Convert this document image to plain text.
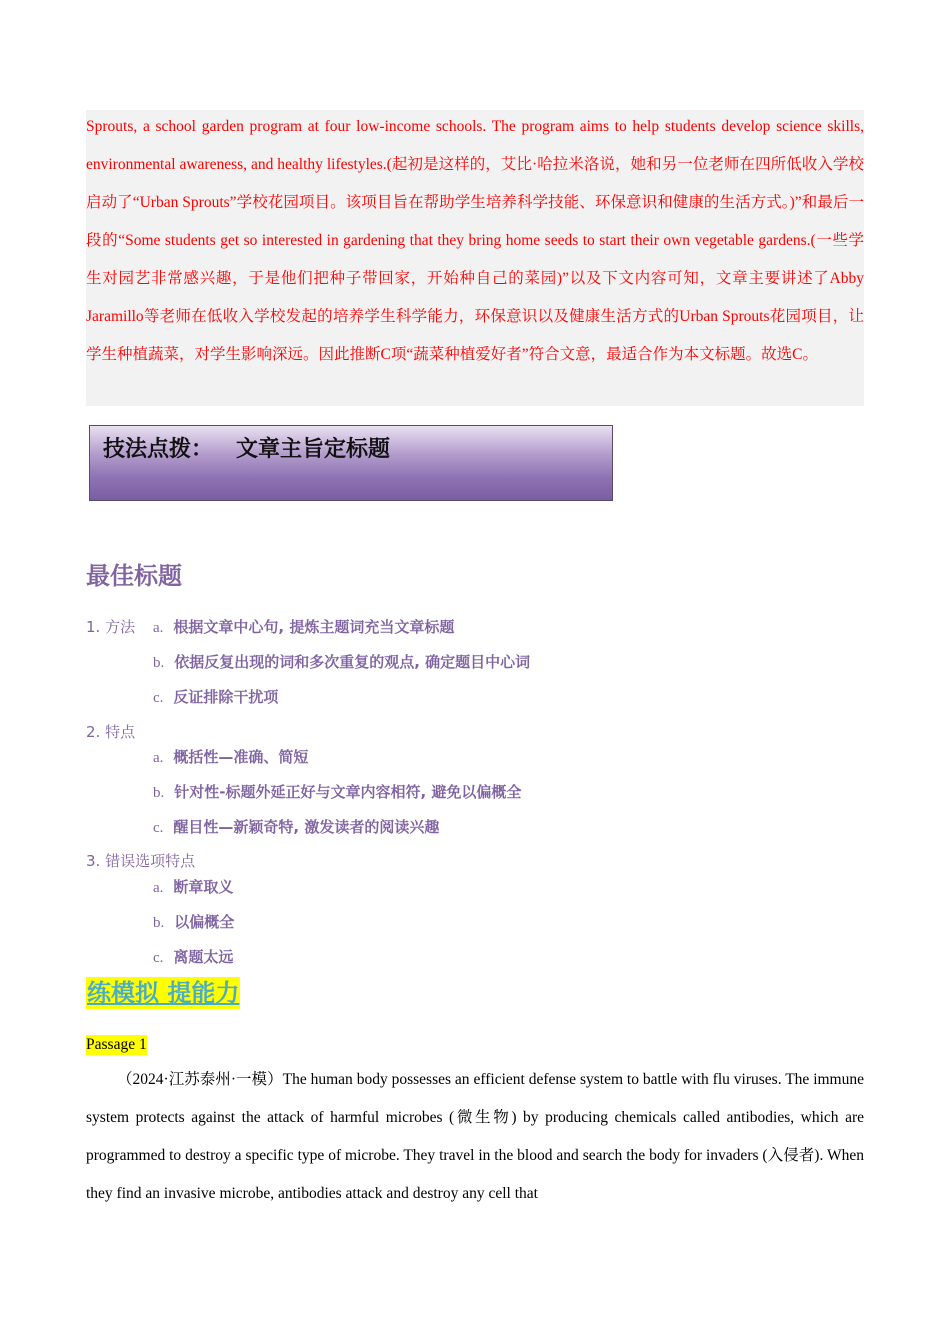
Sprouts, a school garden program at four low-income schools. The program aims to help students develop science skills, environmental awareness, and healthy lifestyles.(起初是这样的，艾比·哈拉米洛说，她和另一位老师在四所低收入学校启动了“Urban Sprouts”学校花园项目。该项目旨在帮助学生培养科学技能、环保意识和健康的生活方式。)”和最后一段的“Some students get so interested in gardening that they bring home seeds to start their own vegetable gardens.(一些学生对园艺非常感兴趣，于是他们把种子带回家，开始种自己的菜园)”以及下文内容可知，文章主要讲述了Abby Jaramillo等老师在低收入学校发起的培养学生科学能力，环保意识以及健康生活方式的Urban Sprouts花园项目，让学生种植蔬菜，对学生影响深远。因此推断C项“蔬菜种植爱好者”符合文意，最适合作为本文标题。故选C。
技法点拨： 文章主旨定标题
最佳标题
1. 方法 a. 根据文章中心句, 提炼主题词充当文章标题
b. 依据反复出现的词和多次重复的观点, 确定题目中心词
c. 反证排除干扰项
2. 特点
a. 概括性—准确、简短
b. 针对性-标题外延正好与文章内容相符, 避免以偏概全
c. 醒目性—新颖奇特, 激发读者的阅读兴趣
3. 错误选项特点
a. 断章取义
b. 以偏概全
c. 离题太远
练模拟 提能力
Passage 1
（2024·江苏泰州·一模）The human body possesses an efficient defense system to battle with flu viruses. The immune system protects against the attack of harmful microbes (微生物) by producing chemicals called antibodies, which are programmed to destroy a specific type of microbe. They travel in the blood and search the body for invaders (入侵者). When they find an invasive microbe, antibodies attack and destroy any cell that
